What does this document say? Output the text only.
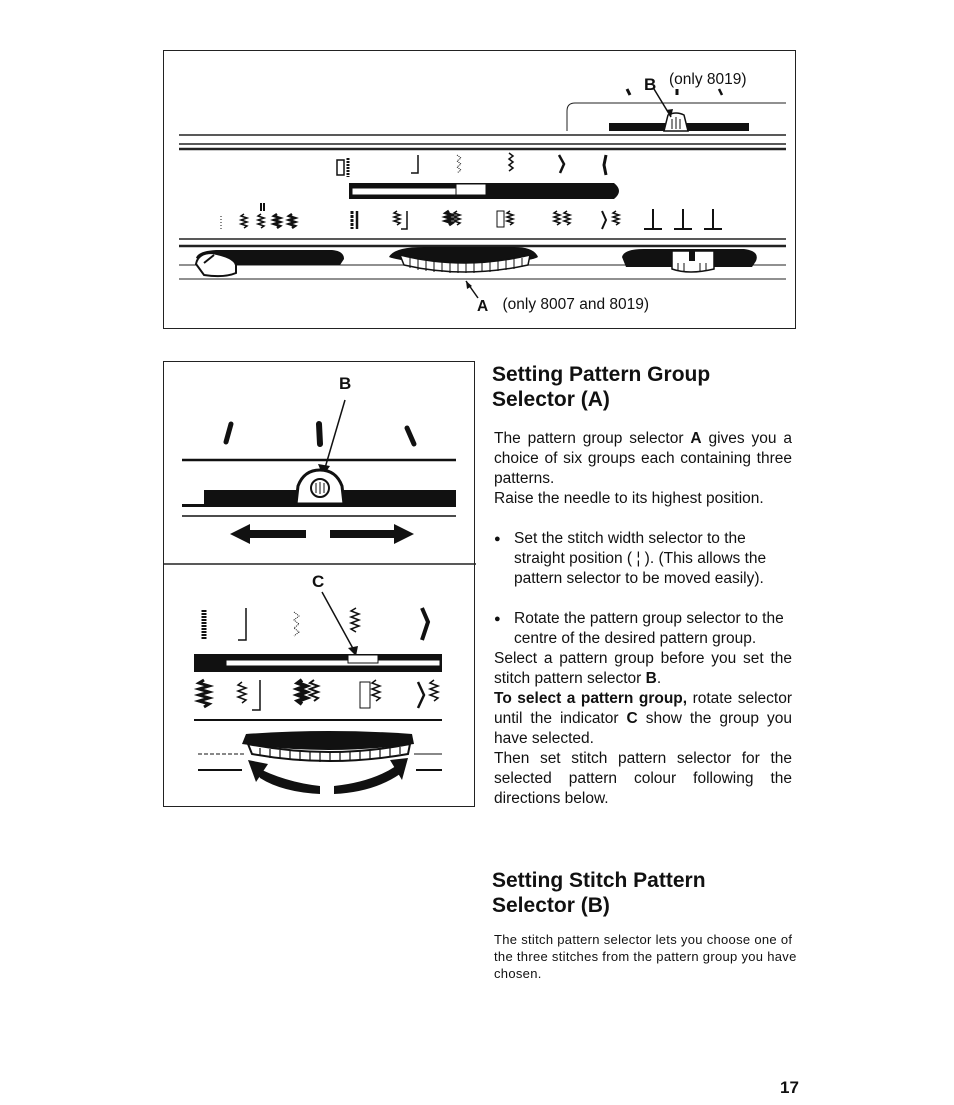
B (only 8019)
A (only 8007 and 8019)
B
C
Setting Pattern Group
Selector (A)

The pattern group selector A gives you a choice of six groups each containing three patterns.

Raise the needle to its highest position.

● Set the stitch width selector to the straight position ( ¦ ). (This allows the pattern selector to be moved easily).

● Rotate the pattern group selector to the centre of the desired pattern group.

Select a pattern group before you set the stitch pattern selector B.

To select a pattern group, rotate selector until the indicator C show the group you have selected.

Then set stitch pattern selector for the selected pattern colour following the directions below.

Setting Stitch Pattern
Selector (B)
The stitch pattern selector lets you choose one of the three stitches from the pattern group you have chosen.
17
